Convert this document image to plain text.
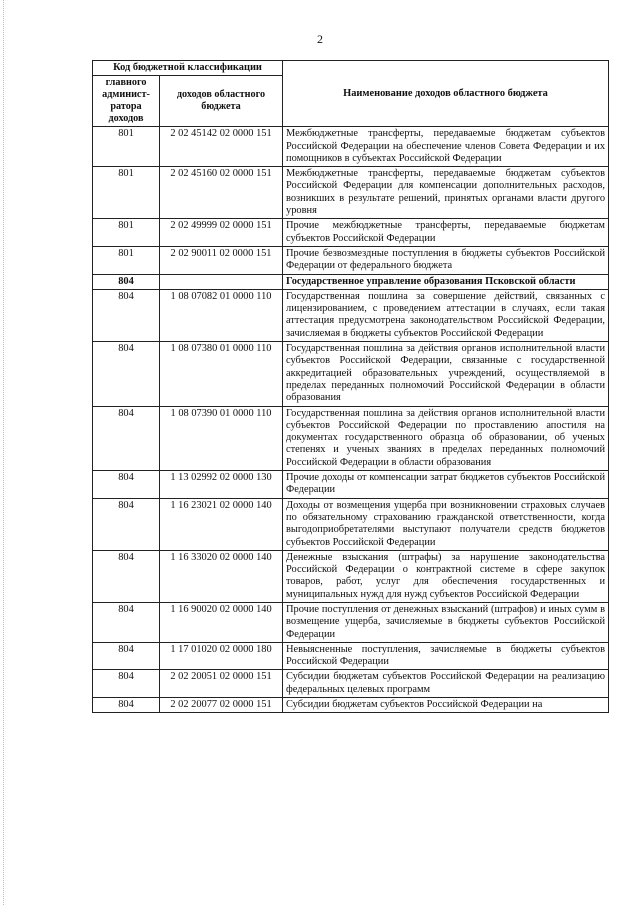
2
Код бюджетной классификации		Наименование доходов областного бюджета
главного админист-ратора доходов	доходов областного бюджета	
801	2 02 45142 02 0000 151	Межбюджетные трансферты, передаваемые бюджетам субъектов Российской Федерации на обеспечение членов Совета Федерации и их помощников в субъектах Российской Федерации
801	2 02 45160 02 0000 151	Межбюджетные трансферты, передаваемые бюджетам субъектов Российской Федерации для компенсации дополнительных расходов, возникших в результате решений, принятых органами власти другого уровня
801	2 02 49999 02 0000 151	Прочие межбюджетные трансферты, передаваемые бюджетам субъектов Российской Федерации
801	2 02 90011 02 0000 151	Прочие безвозмездные поступления в бюджеты субъектов Российской Федерации от федерального бюджета
804		Государственное управление образования Псковской области
804	1 08 07082 01 0000 110	Государственная пошлина за совершение действий, связанных с лицензированием, с проведением аттестации в случаях, если такая аттестация предусмотрена законодательством Российской Федерации, зачисляемая в бюджеты субъектов Российской Федерации
804	1 08 07380 01 0000 110	Государственная пошлина за действия органов исполнительной власти субъектов Российской Федерации, связанные с государственной аккредитацией образовательных учреждений, осуществляемой в пределах переданных полномочий Российской Федерации в области образования
804	1 08 07390 01 0000 110	Государственная пошлина за действия органов исполнительной власти субъектов Российской Федерации по проставлению апостиля на документах государственного образца об образовании, об ученых степенях и ученых званиях в пределах переданных полномочий Российской Федерации в области образования
804	1 13 02992 02 0000 130	Прочие доходы от компенсации затрат бюджетов субъектов Российской Федерации
804	1 16 23021 02 0000 140	Доходы от возмещения ущерба при возникновении страховых случаев по обязательному страхованию гражданской ответственности, когда выгодоприобретателями выступают получатели средств бюджетов субъектов Российской Федерации
804	1 16 33020 02 0000 140	Денежные взыскания (штрафы) за нарушение законодательства Российской Федерации о контрактной системе в сфере закупок товаров, работ, услуг для обеспечения государственных и муниципальных нужд для нужд субъектов Российской Федерации
804	1 16 90020 02 0000 140	Прочие поступления от денежных взысканий (штрафов) и иных сумм в возмещение ущерба, зачисляемые в бюджеты субъектов Российской Федерации
804	1 17 01020 02 0000 180	Невыясненные поступления, зачисляемые в бюджеты субъектов Российской Федерации
804	2 02 20051 02 0000 151	Субсидии бюджетам субъектов Российской Федерации на реализацию федеральных целевых программ
804	2 02 20077 02 0000 151	Субсидии бюджетам субъектов Российской Федерации на
